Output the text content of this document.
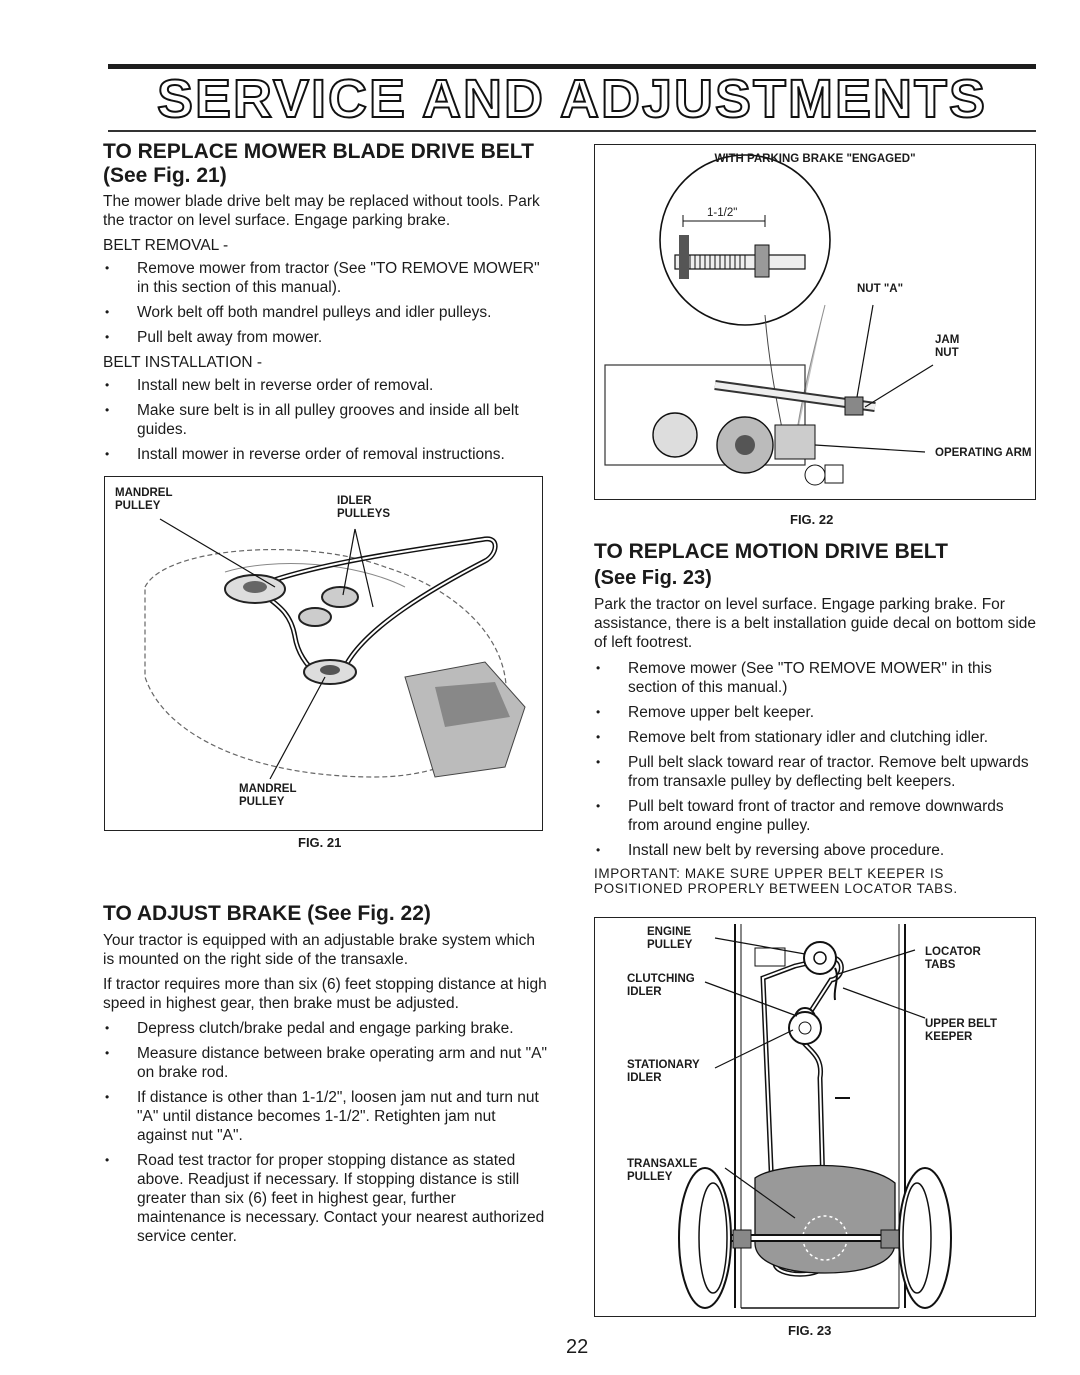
SERVICE AND ADJUSTMENTS
TO REPLACE MOWER BLADE DRIVE BELT
(See Fig. 21)

The mower blade drive belt may be replaced without tools. Park the tractor on level surface. Engage parking brake.

BELT REMOVAL -

• Remove mower from tractor (See "TO REMOVE MOWER" in this section of this manual).
• Work belt off both mandrel pulleys and idler pulleys.
• Pull belt away from mower.

BELT INSTALLATION -

• Install new belt in reverse order of removal.
• Make sure belt is in all pulley grooves and inside all belt guides.
• Install mower in reverse order of removal instructions.
MANDREL PULLEY	IDLER PULLEYS
MANDREL PULLEY
FIG. 21
TO ADJUST BRAKE (See Fig. 22)

Your tractor is equipped with an adjustable brake system which is mounted on the right side of the transaxle.

If tractor requires more than six (6) feet stopping distance at high speed in highest gear, then brake must be adjusted.

• Depress clutch/brake pedal and engage parking brake.
• Measure distance between brake operating arm and nut "A" on brake rod.
• If distance is other than 1-1/2", loosen jam nut and turn nut "A" until distance becomes 1-1/2". Retighten jam nut against nut "A".
• Road test tractor for proper stopping distance as stated above. Readjust if necessary. If stopping distance is still greater than six (6) feet in highest gear, further maintenance is necessary. Contact your nearest authorized service center.
WITH PARKING BRAKE "ENGAGED"
1-1/2"
NUT "A"
JAM NUT
OPERATING ARM
FIG. 22
TO REPLACE MOTION DRIVE BELT
(See Fig. 23)

Park the tractor on level surface. Engage parking brake. For assistance, there is a belt installation guide decal on bottom side of left footrest.

• Remove mower (See "TO REMOVE MOWER" in this section of this manual.)
• Remove upper belt keeper.
• Remove belt from stationary idler and clutching idler.
• Pull belt slack toward rear of tractor. Remove belt upwards from transaxle pulley by deflecting belt keepers.
• Pull belt toward front of tractor and remove downwards from around engine pulley.
• Install new belt by reversing above procedure.

IMPORTANT: MAKE SURE UPPER BELT KEEPER IS POSITIONED PROPERLY BETWEEN LOCATOR TABS.

ENGINE PULLEY
CLUTCHING IDLER
STATIONARY IDLER
TRANSAXLE PULLEY
LOCATOR TABS
UPPER BELT KEEPER
FIG. 23
22
